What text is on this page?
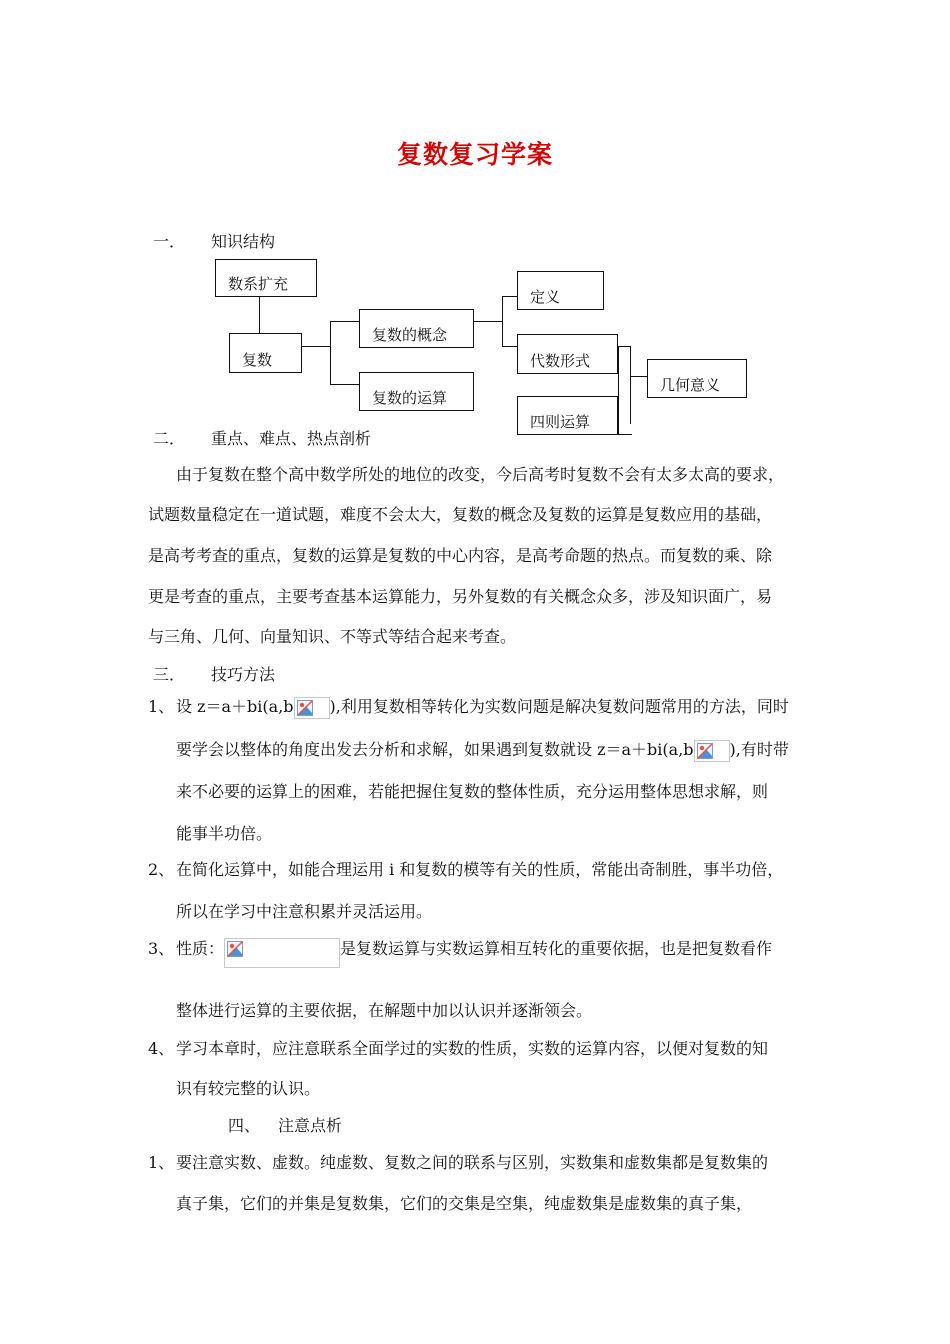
复数复习学案
一． 知识结构
数系扩充
复数
复数的概念
复数的运算
定义
代数形式
四则运算
几何意义
二． 重点、难点、热点剖析
由于复数在整个高中数学所处的地位的改变，今后高考时复数不会有太多太高的要求，
试题数量稳定在一道试题，难度不会太大，复数的概念及复数的运算是复数应用的基础，
是高考考查的重点，复数的运算是复数的中心内容，是高考命题的热点。而复数的乘、除
更是考查的重点，主要考查基本运算能力，另外复数的有关概念众多，涉及知识面广，易
与三角、几何、向量知识、不等式等结合起来考查。
三． 技巧方法
1、 设 z＝a＋bi(a,b ),利用复数相等转化为实数问题是解决复数问题常用的方法，同时
要学会以整体的角度出发去分析和求解，如果遇到复数就设 z＝a＋bi(a,b ),有时带
来不必要的运算上的困难，若能把握住复数的整体性质，充分运用整体思想求解，则
能事半功倍。
2、 在简化运算中，如能合理运用 i 和复数的模等有关的性质，常能出奇制胜，事半功倍，
所以在学习中注意积累并灵活运用。
3、 性质：	是复数运算与实数运算相互转化的重要依据，也是把复数看作
整体进行运算的主要依据，在解题中加以认识并逐渐领会。
4、 学习本章时，应注意联系全面学过的实数的性质，实数的运算内容，以便对复数的知
识有较完整的认识。
四、 注意点析
1、 要注意实数、虚数。纯虚数、复数之间的联系与区别，实数集和虚数集都是复数集的
真子集，它们的并集是复数集，它们的交集是空集，纯虚数集是虚数集的真子集，
